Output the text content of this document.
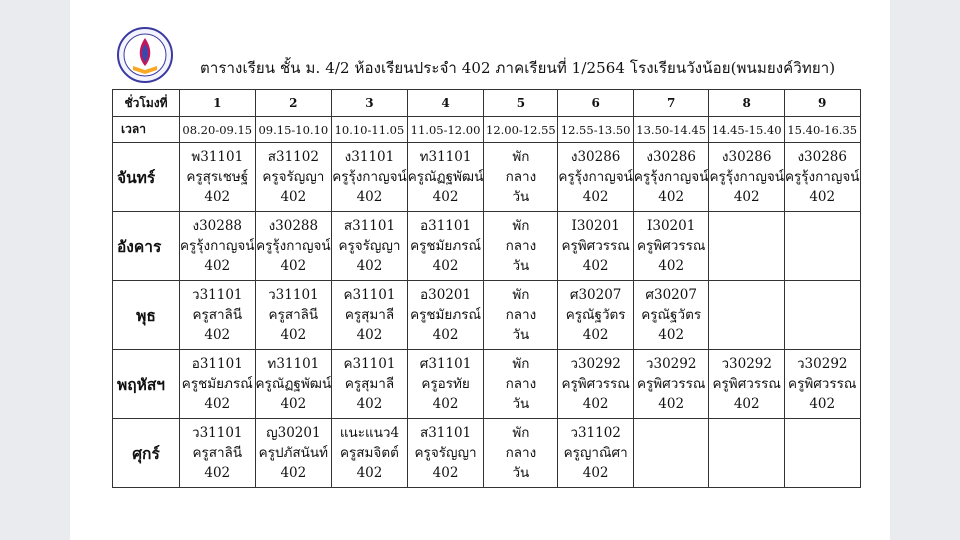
ตารางเรียน ชั้น ม. 4/2 ห้องเรียนประจำ 402 ภาคเรียนที่ 1/2564 โรงเรียนวังน้อย(พนมยงค์วิทยา)
ชั่วโมงที่	1	2	3	4	5	6	7	8	9
เวลา	08.20-09.15	09.15-10.10	10.10-11.05	11.05-12.00	12.00-12.55	12.55-13.50	13.50-14.45	14.45-15.40	15.40-16.35
จันทร์	พ31101
ครูสุรเชษฐ์
402	ส31102
ครูจรัญญา
402	ง31101
ครูรุ้งกาญจน์
402	ท31101
ครูณัฏฐพัฒน์
402	พัก
กลาง
วัน	ง30286
ครูรุ้งกาญจน์
402	ง30286
ครูรุ้งกาญจน์
402	ง30286
ครูรุ้งกาญจน์
402	ง30286
ครูรุ้งกาญจน์
402

อังคาร	ง30288
ครูรุ้งกาญจน์
402	ง30288
ครูรุ้งกาญจน์
402	ส31101
ครูจรัญญา
402	อ31101
ครูชมัยภรณ์
402	พัก
กลาง
วัน	I30201
ครูพิศวรรณ
402	I30201
ครูพิศวรรณ
402		

พุธ	ว31101
ครูสาลินี
402	ว31101
ครูสาลินี
402	ค31101
ครูสุมาลี
402	อ30201
ครูชมัยภรณ์
402	พัก
กลาง
วัน	ศ30207
ครูณัฐวัตร
402	ศ30207
ครูณัฐวัตร
402		

พฤหัสฯ	อ31101
ครูชมัยภรณ์
402	ท31101
ครูณัฏฐพัฒน์
402	ค31101
ครูสุมาลี
402	ศ31101
ครูอรทัย
402	พัก
กลาง
วัน	ว30292
ครูพิศวรรณ
402	ว30292
ครูพิศวรรณ
402	ว30292
ครูพิศวรรณ
402	ว30292
ครูพิศวรรณ
402

ศุกร์	ว31101
ครูสาลินี
402	ญ30201
ครูปภัสนันท์
402	แนะแนว4
ครูสมจิตต์
402	ส31101
ครูจรัญญา
402	พัก
กลาง
วัน	ว31102
ครูญาณิศา
402			
